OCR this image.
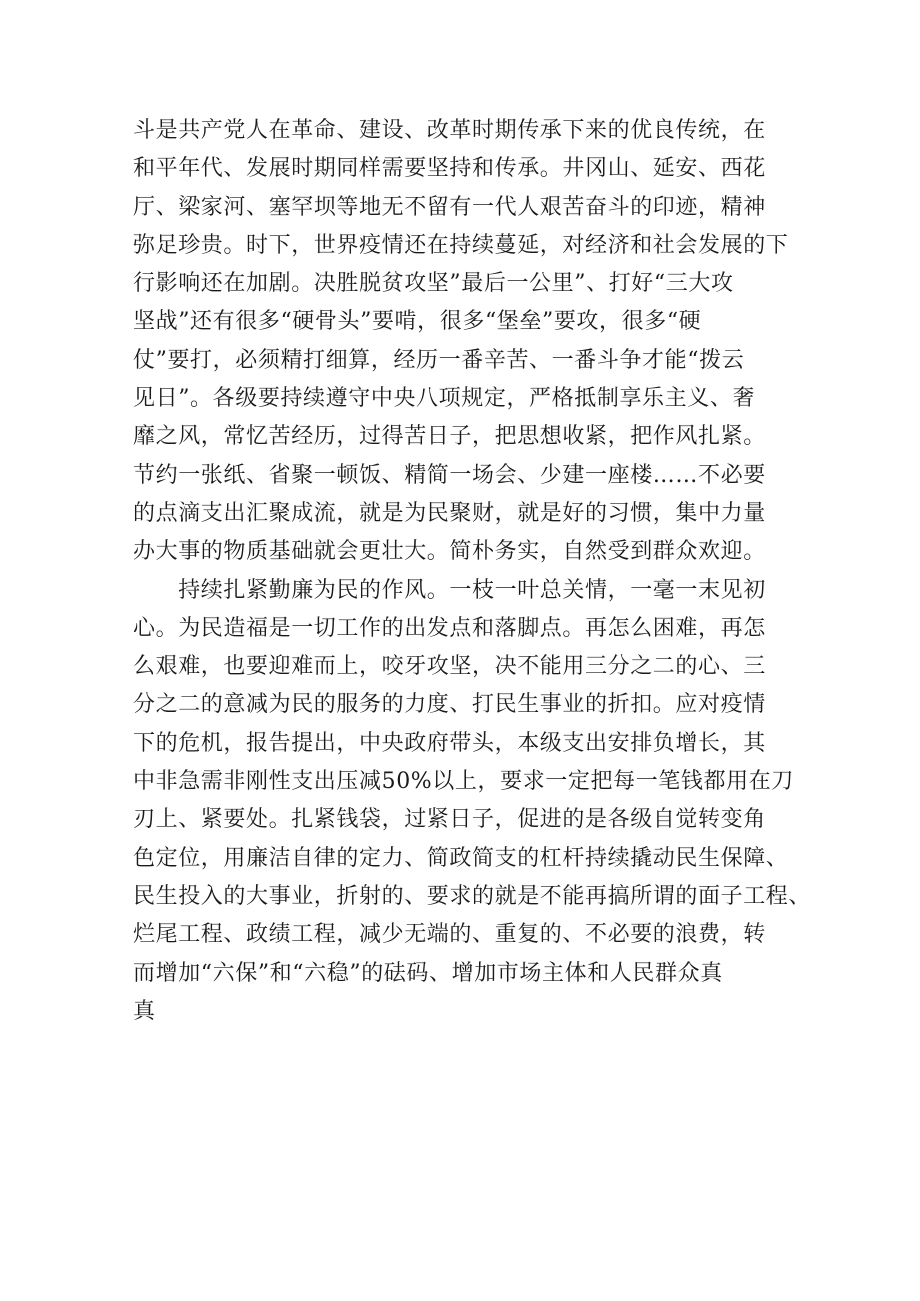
斗是共产党人在革命、建设、改革时期传承下来的优良传统，在
和平年代、发展时期同样需要坚持和传承。井冈山、延安、西花
厅、梁家河、塞罕坝等地无不留有一代人艰苦奋斗的印迹，精神
弥足珍贵。时下，世界疫情还在持续蔓延，对经济和社会发展的下
行影响还在加剧。决胜脱贫攻坚”最后一公里”、打好“三大攻
坚战”还有很多“硬骨头”要啃，很多“堡垒”要攻，很多“硬
仗”要打，必须精打细算，经历一番辛苦、一番斗争才能“拨云
见日”。各级要持续遵守中央八项规定，严格抵制享乐主义、奢
靡之风，常忆苦经历，过得苦日子，把思想收紧，把作风扎紧。
节约一张纸、省聚一顿饭、精简一场会、少建一座楼……不必要
的点滴支出汇聚成流，就是为民聚财，就是好的习惯，集中力量
办大事的物质基础就会更壮大。简朴务实，自然受到群众欢迎。
　　持续扎紧勤廉为民的作风。一枝一叶总关情，一毫一末见初
心。为民造福是一切工作的出发点和落脚点。再怎么困难，再怎
么艰难，也要迎难而上，咬牙攻坚，决不能用三分之二的心、三
分之二的意减为民的服务的力度、打民生事业的折扣。应对疫情
下的危机，报告提出，中央政府带头，本级支出安排负增长，其
中非急需非刚性支出压减50%以上，要求一定把每一笔钱都用在刀
刃上、紧要处。扎紧钱袋，过紧日子，促进的是各级自觉转变角
色定位，用廉洁自律的定力、简政简支的杠杆持续撬动民生保障、
民生投入的大事业，折射的、要求的就是不能再搞所谓的面子工程、
烂尾工程、政绩工程，减少无端的、重复的、不必要的浪费，转
而增加“六保”和“六稳”的砝码、增加市场主体和人民群众真
真
